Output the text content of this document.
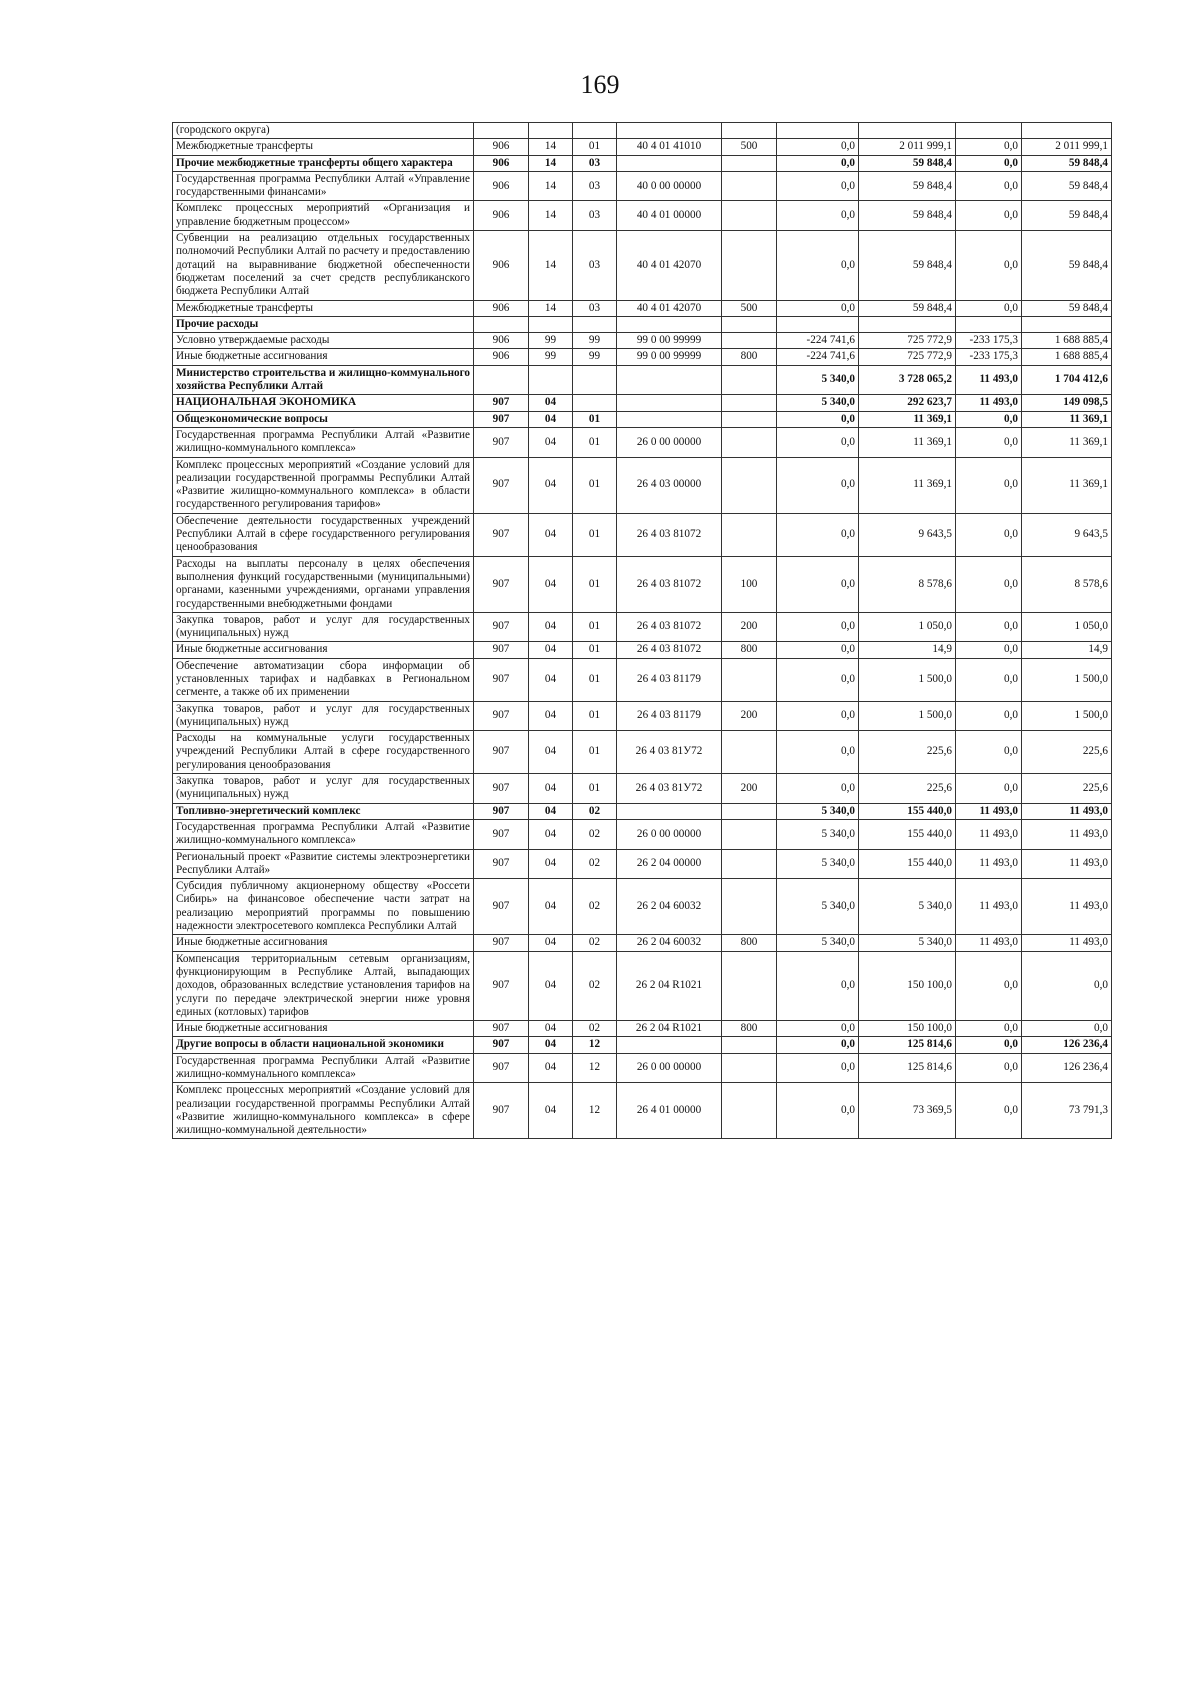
169
(городского округа)									
Межбюджетные трансферты	906	14	01	40 4 01 41010	500	0,0	2 011 999,1	0,0	2 011 999,1
Прочие межбюджетные трансферты общего характера	906	14	03			0,0	59 848,4	0,0	59 848,4
Государственная программа Республики Алтай «Управление государственными финансами»	906	14	03	40 0 00 00000		0,0	59 848,4	0,0	59 848,4
Комплекс процессных мероприятий «Организация и управление бюджетным процессом»	906	14	03	40 4 01 00000		0,0	59 848,4	0,0	59 848,4
Субвенции на реализацию отдельных государственных полномочий Республики Алтай по расчету и предоставлению дотаций на выравнивание бюджетной обеспеченности бюджетам поселений за счет средств республиканского бюджета Республики Алтай	906	14	03	40 4 01 42070		0,0	59 848,4	0,0	59 848,4
Межбюджетные трансферты	906	14	03	40 4 01 42070	500	0,0	59 848,4	0,0	59 848,4
Прочие расходы									
Условно утверждаемые расходы	906	99	99	99 0 00 99999		-224 741,6	725 772,9	-233 175,3	1 688 885,4
Иные бюджетные ассигнования	906	99	99	99 0 00 99999	800	-224 741,6	725 772,9	-233 175,3	1 688 885,4
Министерство строительства и жилищно-коммунального хозяйства Республики Алтай						5 340,0	3 728 065,2	11 493,0	1 704 412,6
НАЦИОНАЛЬНАЯ ЭКОНОМИКА	907	04				5 340,0	292 623,7	11 493,0	149 098,5
Общеэкономические вопросы	907	04	01			0,0	11 369,1	0,0	11 369,1
Государственная программа Республики Алтай «Развитие жилищно-коммунального комплекса»	907	04	01	26 0 00 00000		0,0	11 369,1	0,0	11 369,1
Комплекс процессных мероприятий «Создание условий для реализации государственной программы Республики Алтай «Развитие жилищно-коммунального комплекса» в области государственного регулирования тарифов»	907	04	01	26 4 03 00000		0,0	11 369,1	0,0	11 369,1
Обеспечение деятельности государственных учреждений Республики Алтай в сфере государственного регулирования ценообразования	907	04	01	26 4 03 81072		0,0	9 643,5	0,0	9 643,5
Расходы на выплаты персоналу в целях обеспечения выполнения функций государственными (муниципальными) органами, казенными учреждениями, органами управления государственными внебюджетными фондами	907	04	01	26 4 03 81072	100	0,0	8 578,6	0,0	8 578,6
Закупка товаров, работ и услуг для государственных (муниципальных) нужд	907	04	01	26 4 03 81072	200	0,0	1 050,0	0,0	1 050,0
Иные бюджетные ассигнования	907	04	01	26 4 03 81072	800	0,0	14,9	0,0	14,9
Обеспечение автоматизации сбора информации об установленных тарифах и надбавках в Региональном сегменте, а также об их применении	907	04	01	26 4 03 81179		0,0	1 500,0	0,0	1 500,0
Закупка товаров, работ и услуг для государственных (муниципальных) нужд	907	04	01	26 4 03 81179	200	0,0	1 500,0	0,0	1 500,0
Расходы на коммунальные услуги государственных учреждений Республики Алтай в сфере государственного регулирования ценообразования	907	04	01	26 4 03 81У72		0,0	225,6	0,0	225,6
Закупка товаров, работ и услуг для государственных (муниципальных) нужд	907	04	01	26 4 03 81У72	200	0,0	225,6	0,0	225,6
Топливно-энергетический комплекс	907	04	02			5 340,0	155 440,0	11 493,0	11 493,0
Государственная программа Республики Алтай «Развитие жилищно-коммунального комплекса»	907	04	02	26 0 00 00000		5 340,0	155 440,0	11 493,0	11 493,0
Региональный проект «Развитие системы электроэнергетики Республики Алтай»	907	04	02	26 2 04 00000		5 340,0	155 440,0	11 493,0	11 493,0
Субсидия публичному акционерному обществу «Россети Сибирь» на финансовое обеспечение части затрат на реализацию мероприятий программы по повышению надежности электросетевого комплекса Республики Алтай	907	04	02	26 2 04 60032		5 340,0	5 340,0	11 493,0	11 493,0
Иные бюджетные ассигнования	907	04	02	26 2 04 60032	800	5 340,0	5 340,0	11 493,0	11 493,0
Компенсация территориальным сетевым организациям, функционирующим в Республике Алтай, выпадающих доходов, образованных вследствие установления тарифов на услуги по передаче электрической энергии ниже уровня единых (котловых) тарифов	907	04	02	26 2 04 R1021		0,0	150 100,0	0,0	0,0
Иные бюджетные ассигнования	907	04	02	26 2 04 R1021	800	0,0	150 100,0	0,0	0,0
Другие вопросы в области национальной экономики	907	04	12			0,0	125 814,6	0,0	126 236,4
Государственная программа Республики Алтай «Развитие жилищно-коммунального комплекса»	907	04	12	26 0 00 00000		0,0	125 814,6	0,0	126 236,4
Комплекс процессных мероприятий «Создание условий для реализации государственной программы Республики Алтай «Развитие жилищно-коммунального комплекса» в сфере жилищно-коммунальной деятельности»	907	04	12	26 4 01 00000		0,0	73 369,5	0,0	73 791,3
